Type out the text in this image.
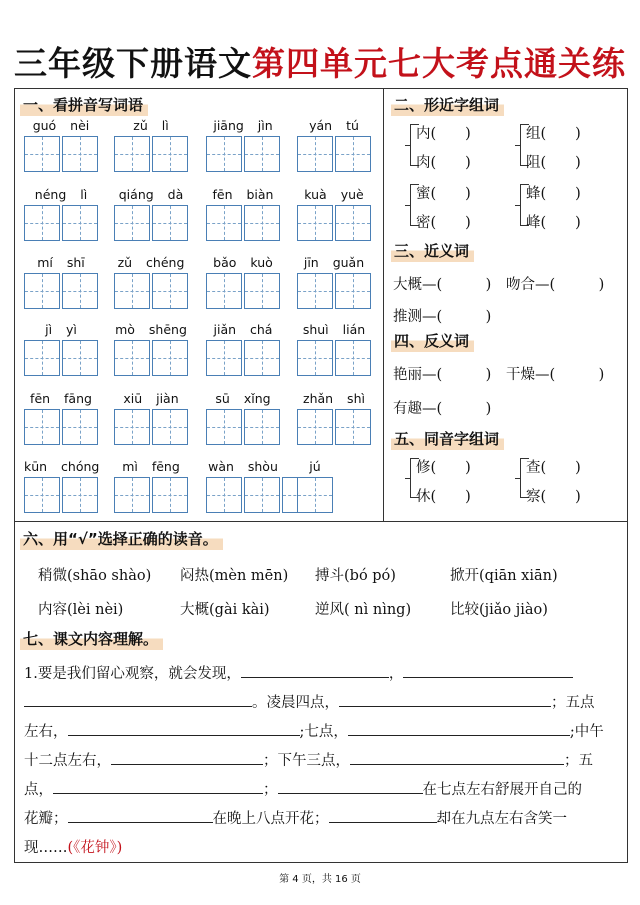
三年级下册语文第四单元七大考点通关练
一、看拼音写词语
guó nèi	zǔ lì	jiāng jìn	yán tú
néng lì	qiáng dà	fēn biàn	kuà yuè
mí shī	zǔ chéng	bǎo kuò	jīn guǎn
jì yì	mò shēng	jiǎn chá	shuì lián
fēn fāng	xiū jiàn	sū xǐng	zhǎn shì
kūn chóng	mì fēng	wàn shòu	jú
二、形近字组词
内(　　)
肉(　　)
组(　　)
阻(　　)
蜜(　　)
密(　　)
蜂(　　)
峰(　　)
三、近义词
大概—(　　　) 吻合—(　　　)
推测—(　　　)
四、反义词
艳丽—(　　　) 干燥—(　　　)
有趣—(　　　)
五、同音字组词
修(　　)
休(　　)
查(　　)
察(　　)
六、用“√”选择正确的读音。
稍微(shāo shào) 闷热(mèn mēn) 搏斗(bó pó)	掀开(qiān xiān)
内容(lèi nèi)	大概(gài kài)	逆风( nì nìng)	比较(jiǎo jiào)
七、课文内容理解。
1.要是我们留心观察，就会发现，	，
。凌晨四点，	；五点
左右，	;七点，	;中午
十二点左右，	；下午三点，	；五
点，	；	在七点左右舒展开自己的
花瓣；	在晚上八点开花；	却在九点左右含笑一
现……(《花钟》)
第 4 页，共 16 页
